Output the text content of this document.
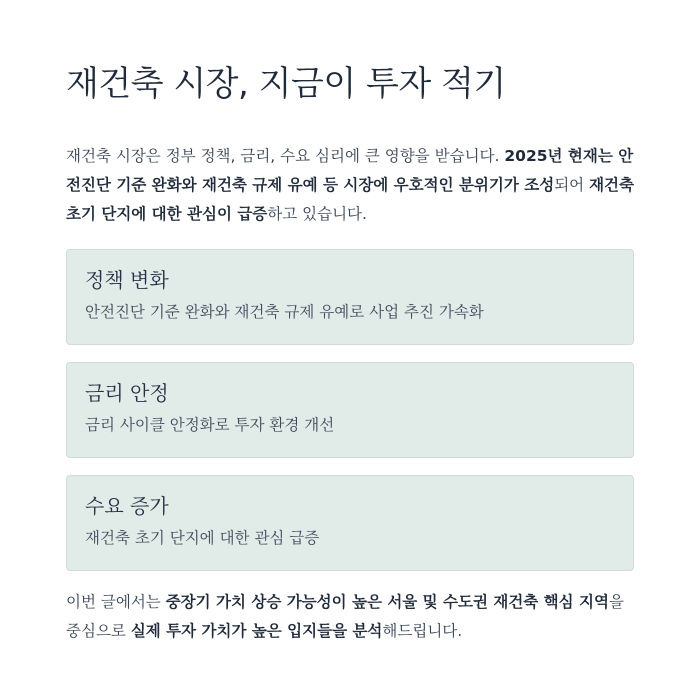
재건축 시장, 지금이 투자 적기

재건축 시장은 정부 정책, 금리, 수요 심리에 큰 영향을 받습니다. 2025년 현재는 안전진단 기준 완화와 재건축 규제 유예 등 시장에 우호적인 분위기가 조성되어 재건축 초기 단지에 대한 관심이 급증하고 있습니다.

정책 변화

안전진단 기준 완화와 재건축 규제 유예로 사업 추진 가속화

금리 안정

금리 사이클 안정화로 투자 환경 개선

수요 증가

재건축 초기 단지에 대한 관심 급증

이번 글에서는 중장기 가치 상승 가능성이 높은 서울 및 수도권 재건축 핵심 지역을 중심으로 실제 투자 가치가 높은 입지들을 분석해드립니다.
